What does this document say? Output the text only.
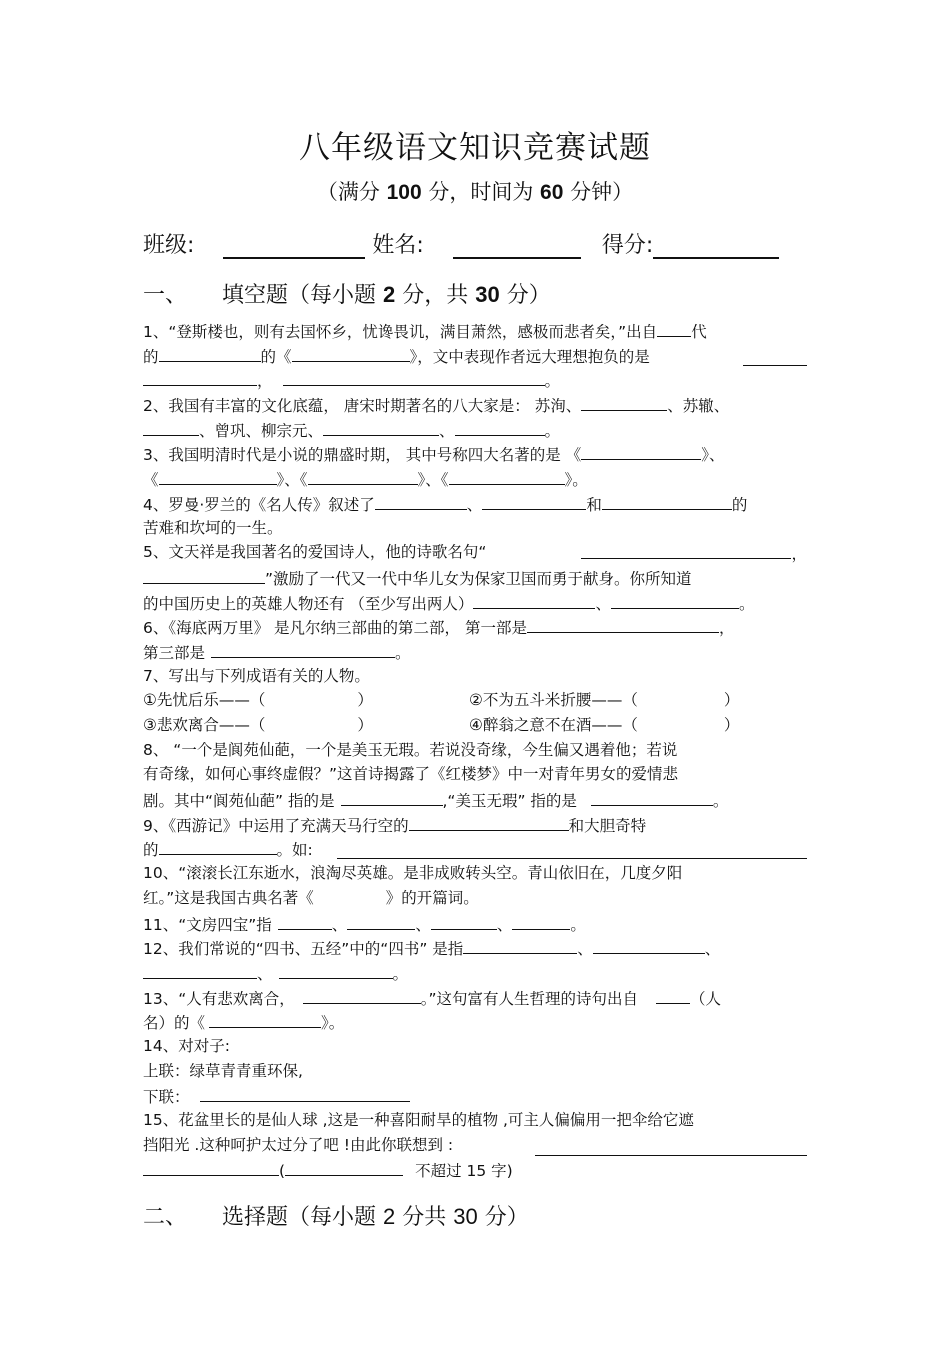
八年级语文知识竞赛试题
（满分 100 分，时间为 60 分钟）
班级:	姓名:	得分:
一、 填空题（每小题 2 分，共 30 分）
1、“登斯楼也，则有去国怀乡，忧谗畏讥，满目萧然，感极而悲者矣，”出自 代
的	的《	》，文中表现作者远大理想抱负的是
，	。
2、我国有丰富的文化底蕴， 唐宋时期著名的八大家是： 苏洵、	、苏辙、
、曾巩、柳宗元、	、	。
3、我国明清时代是小说的鼎盛时期， 其中号称四大名著的是 《	》、
《	》、《	》、《	》。
4、罗曼·罗兰的《名人传》叙述了	、	和	的
苦难和坎坷的一生。
5、文天祥是我国著名的爱国诗人，他的诗歌名句“	，
”激励了一代又一代中华儿女为保家卫国而勇于献身。你所知道
的中国历史上的英雄人物还有 （至少写出两人）	、	。
6、《海底两万里》 是凡尔纳三部曲的第二部， 第一部是	，
第三部是	。
7、写出与下列成语有关的人物。
①先忧后乐——（	）	②不为五斗米折腰——（	）
③悲欢离合——（	）	④醉翁之意不在酒——（	）
8、 “一个是阆苑仙葩，一个是美玉无瑕。若说没奇缘，今生偏又遇着他；若说
有奇缘，如何心事终虚假？”这首诗揭露了《红楼梦》中一对青年男女的爱情悲
剧。其中“阆苑仙葩” 指的是	,“美玉无瑕” 指的是	。
9、《西游记》中运用了充满天马行空的	和大胆奇特
的	。如:
10、“滚滚长江东逝水，浪淘尽英雄。是非成败转头空。青山依旧在，几度夕阳
红。”这是我国古典名著《	》的开篇词。
11、“文房四宝”指	、	、	、	。
12、我们常说的“四书、五经”中的“四书” 是指	、	、
、	。
13、“人有悲欢离合，	。”这句富有人生哲理的诗句出自	（人
名）的《	》。
14、对对子:
上联：绿草青青重环保,
下联：
15、花盆里长的是仙人球 ,这是一种喜阳耐旱的植物 ,可主人偏偏用一把伞给它遮
挡阳光 .这种呵护太过分了吧 !由此你联想到 :
(	不超过 15 字)
二、 选择题（每小题 2 分共 30 分）
